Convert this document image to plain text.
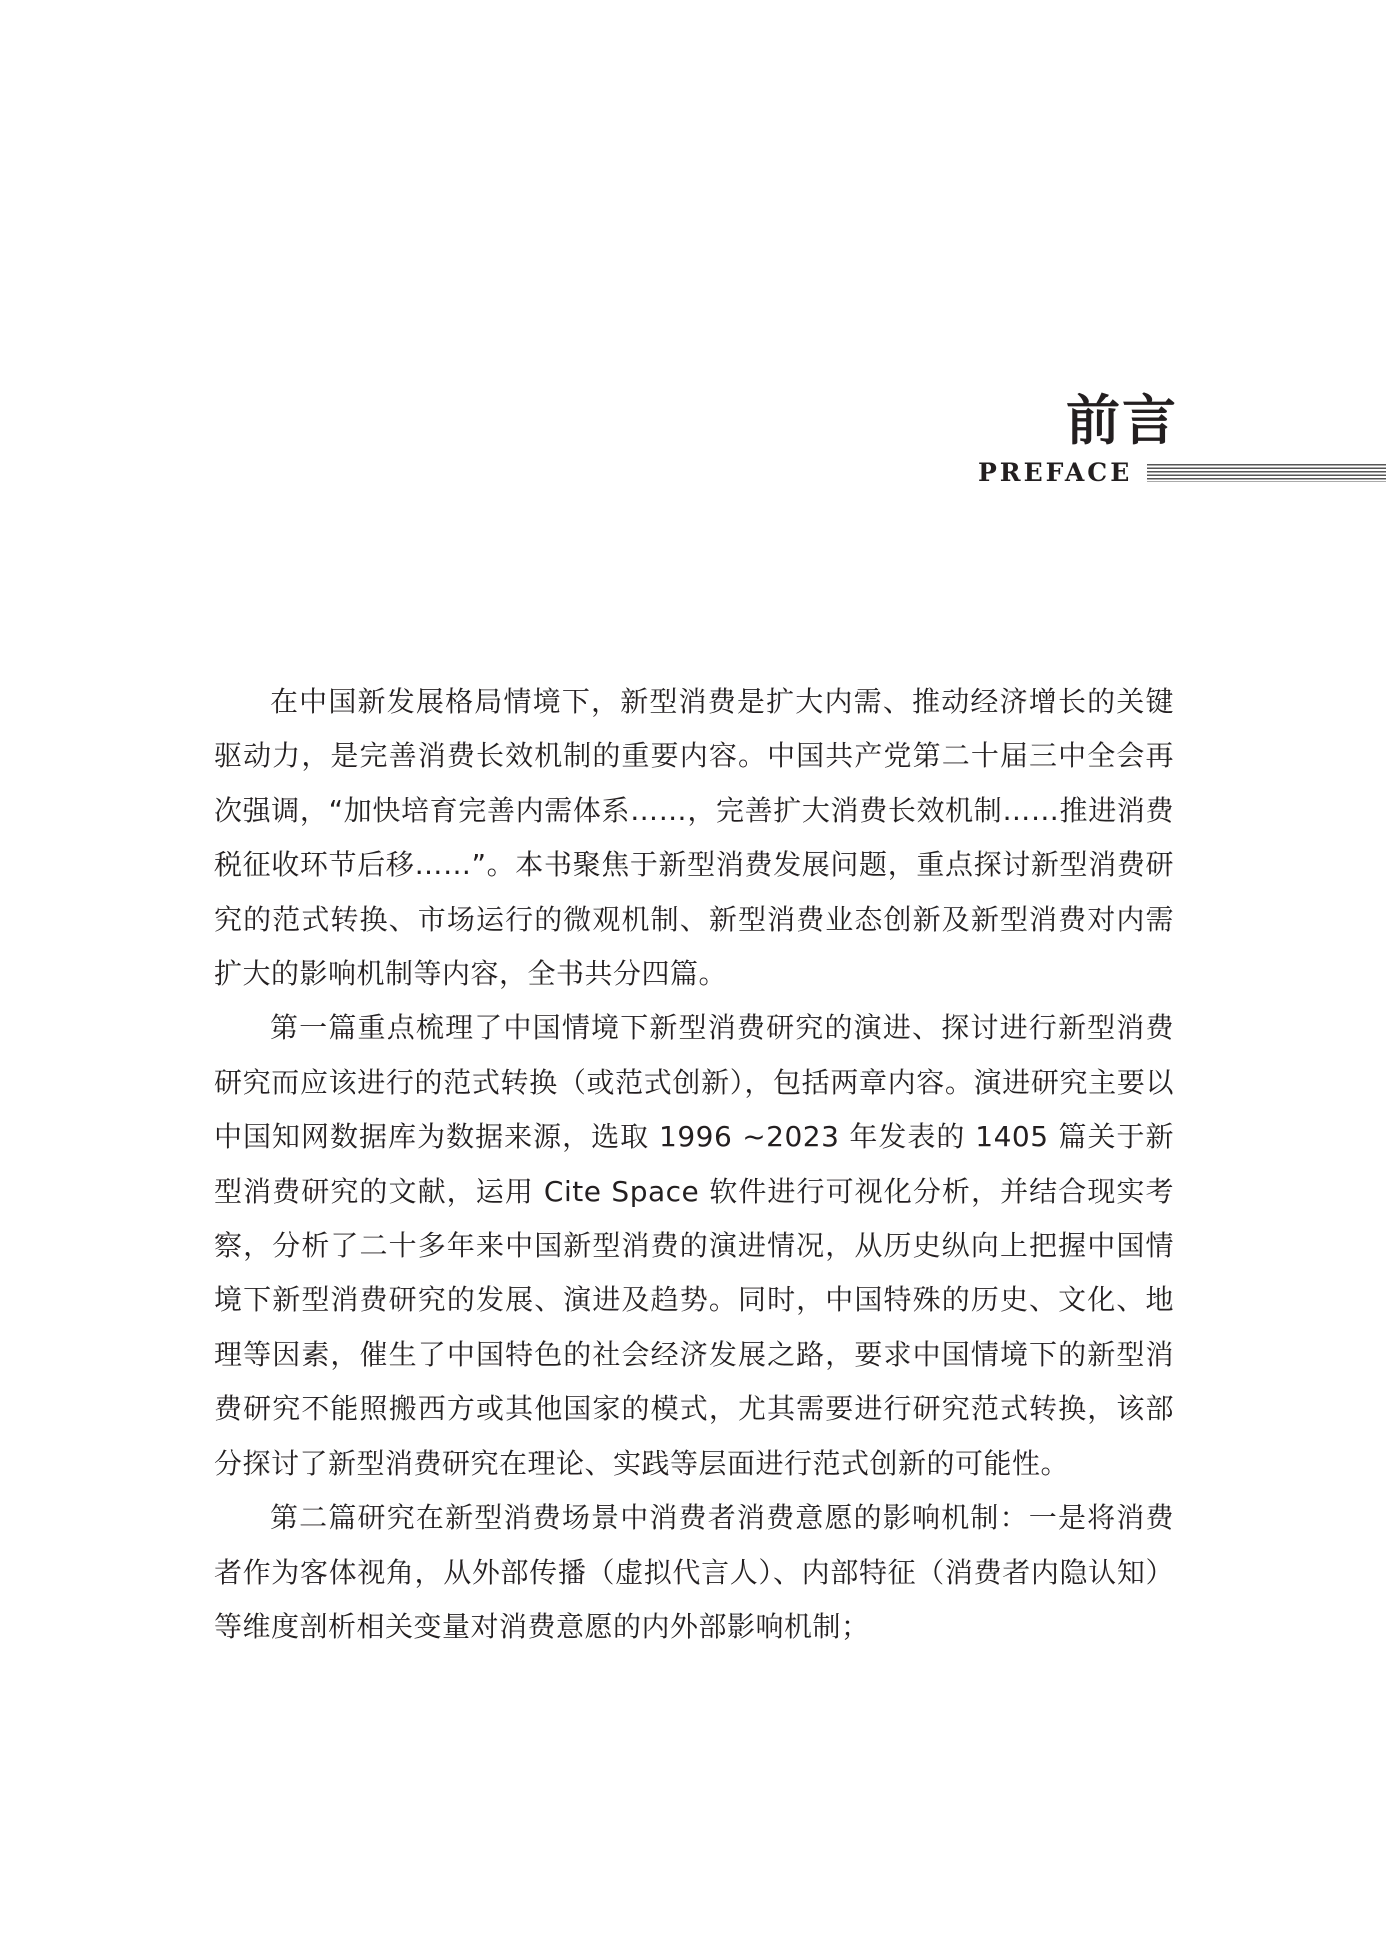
前言
PREFACE

在中国新发展格局情境下，新型消费是扩大内需、推动经济增长的关键驱动力，是完善消费长效机制的重要内容。中国共产党第二十届三中全会再次强调，“加快培育完善内需体系……，完善扩大消费长效机制……推进消费税征收环节后移……”。本书聚焦于新型消费发展问题，重点探讨新型消费研究的范式转换、市场运行的微观机制、新型消费业态创新及新型消费对内需扩大的影响机制等内容，全书共分四篇。

第一篇重点梳理了中国情境下新型消费研究的演进、探讨进行新型消费研究而应该进行的范式转换（或范式创新），包括两章内容。演进研究主要以中国知网数据库为数据来源，选取 1996 ~2023 年发表的 1405 篇关于新型消费研究的文献，运用 Cite Space 软件进行可视化分析，并结合现实考察，分析了二十多年来中国新型消费的演进情况，从历史纵向上把握中国情境下新型消费研究的发展、演进及趋势。同时，中国特殊的历史、文化、地理等因素，催生了中国特色的社会经济发展之路，要求中国情境下的新型消费研究不能照搬西方或其他国家的模式，尤其需要进行研究范式转换，该部分探讨了新型消费研究在理论、实践等层面进行范式创新的可能性。

第二篇研究在新型消费场景中消费者消费意愿的影响机制：一是将消费者作为客体视角，从外部传播（虚拟代言人）、内部特征（消费者内隐认知）等维度剖析相关变量对消费意愿的内外部影响机制；
